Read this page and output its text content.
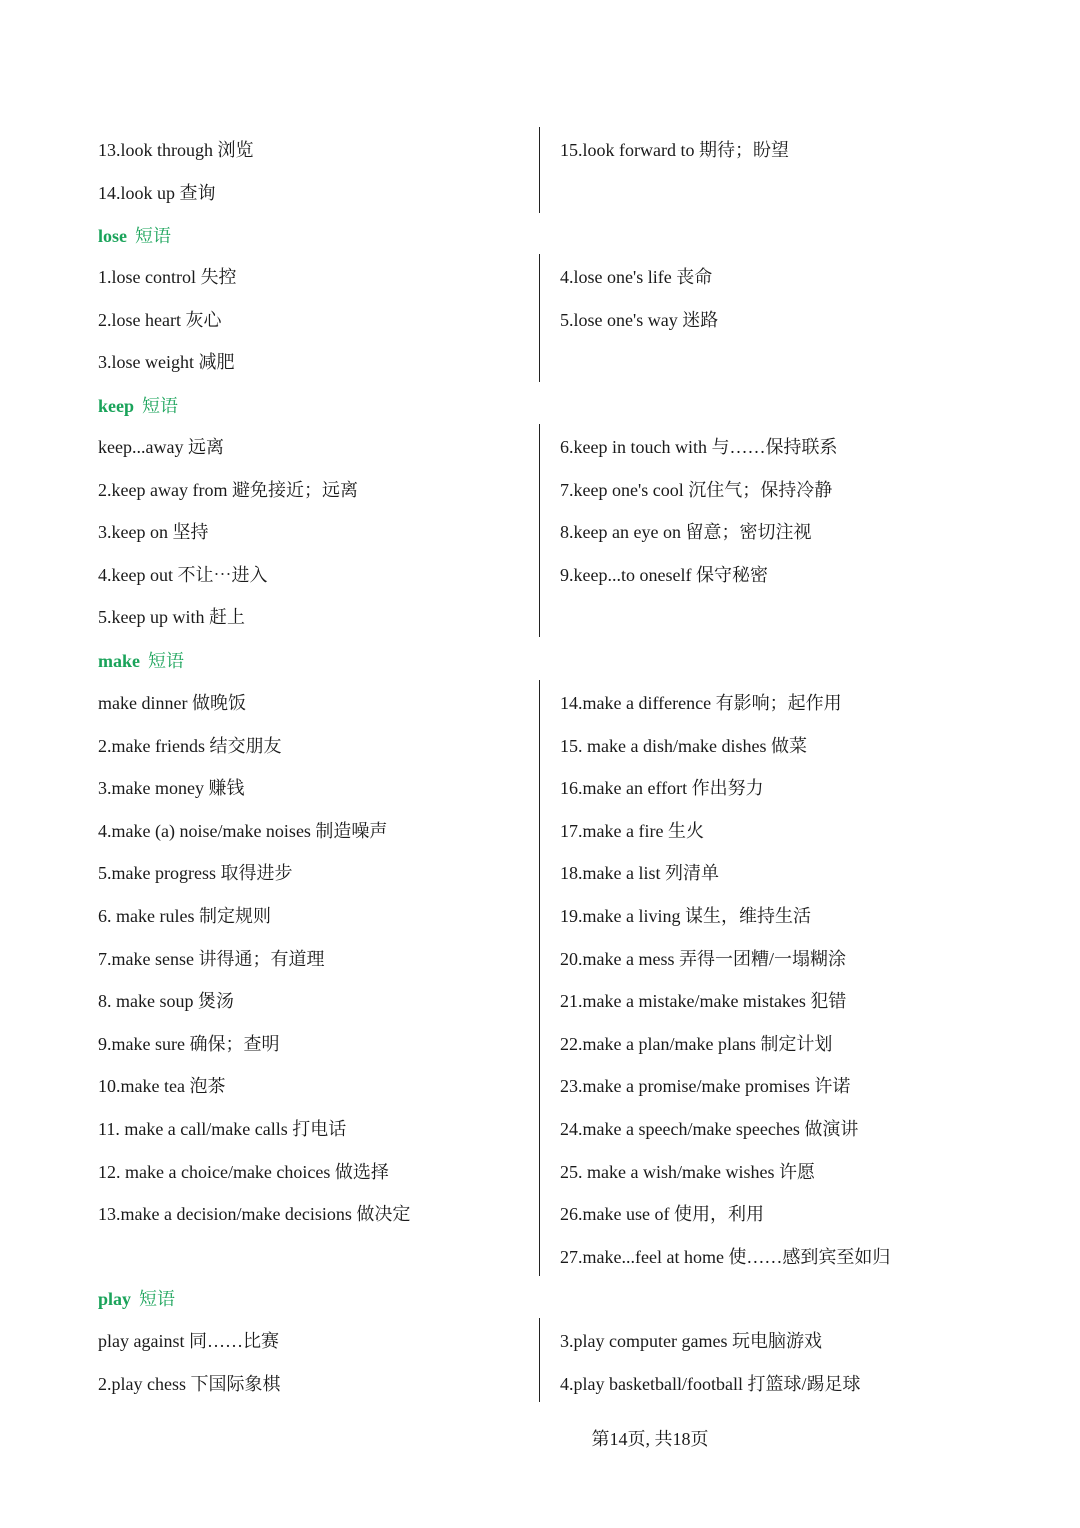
13.look through 浏览
14.look up 查询
15.look forward to 期待；盼望
lose 短语
1.lose control 失控
2.lose heart 灰心
3.lose weight 减肥
4.lose one's life 丧命
5.lose one's way 迷路
keep 短语
keep...away 远离
2.keep away from 避免接近；远离
3.keep on 坚持
4.keep out 不让⋯进入
5.keep up with 赶上
6.keep in touch with 与……保持联系
7.keep one's cool 沉住气；保持冷静
8.keep an eye on 留意；密切注视
9.keep...to oneself 保守秘密
make 短语
make dinner 做晚饭
2.make friends 结交朋友
3.make money 赚钱
4.make (a) noise/make noises 制造噪声
5.make progress 取得进步
6. make rules 制定规则
7.make sense 讲得通；有道理
8. make soup 煲汤
9.make sure 确保；查明
10.make tea 泡茶
11. make a call/make calls 打电话
12. make a choice/make choices 做选择
13.make a decision/make decisions 做决定
14.make a difference 有影响；起作用
15. make a dish/make dishes 做菜
16.make an effort 作出努力
17.make a fire 生火
18.make a list 列清单
19.make a living 谋生，维持生活
20.make a mess 弄得一团糟/一塌糊涂
21.make a mistake/make mistakes 犯错
22.make a plan/make plans 制定计划
23.make a promise/make promises 许诺
24.make a speech/make speeches 做演讲
25. make a wish/make wishes 许愿
26.make use of 使用，利用
27.make...feel at home 使……感到宾至如归
play 短语
play against 同……比赛
2.play chess 下国际象棋
3.play computer games 玩电脑游戏
4.play basketball/football 打篮球/踢足球
第14页, 共18页
